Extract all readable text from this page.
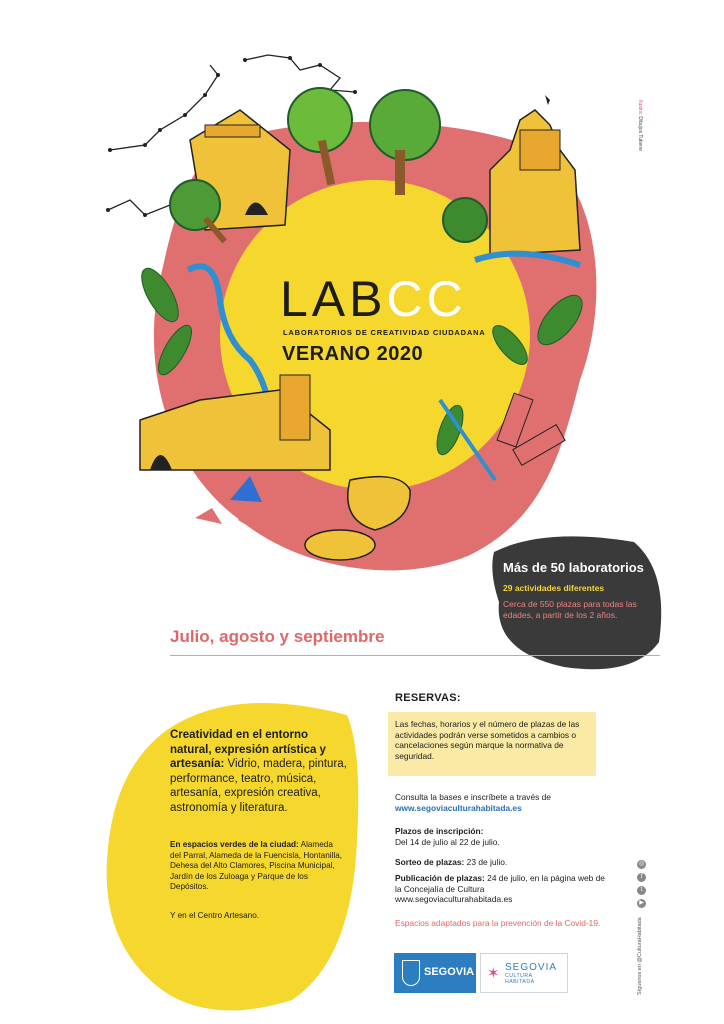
Ilustra: Dibujos Tutiene
LABCC
LABORATORIOS DE CREATIVIDAD CIUDADANA
VERANO 2020
Más de 50 laboratorios
29 actividades diferentes
Cerca de 550 plazas para todas las edades, a partir de los 2 años.
Julio, agosto y septiembre
Creatividad en el entorno natural, expresión artística y artesanía: Vidrio, madera, pintura, performance, teatro, música, artesanía, expresión creativa, astronomía y literatura.
En espacios verdes de la ciudad: Alameda del Parral, Alameda de la Fuencisla, Hontanilla, Dehesa del Alto Clamores, Piscina Municipal, Jardín de los Zuloaga y Parque de los Depósitos.
Y en el Centro Artesano.
RESERVAS:
Las fechas, horarios y el número de plazas de las actividades podrán verse sometidos a cambios o cancelaciones según marque la normativa de seguridad.
Consulta la bases e inscríbete a través de
www.segoviaculturahabitada.es
Plazos de inscripción:
Del 14 de julio al 22 de julio.
Sorteo de plazas: 23 de julio.
Publicación de plazas: 24 de julio, en la página web de la Concejalía de Cultura
www.segoviaculturahabitada.es
Espacios adaptados para la prevención de la Covid-19.
SEGOVIA ✶ SEGOVIA
CULTURA HABITADA
◎
f
t
▶
Síguenos en @CulturaHabitada
